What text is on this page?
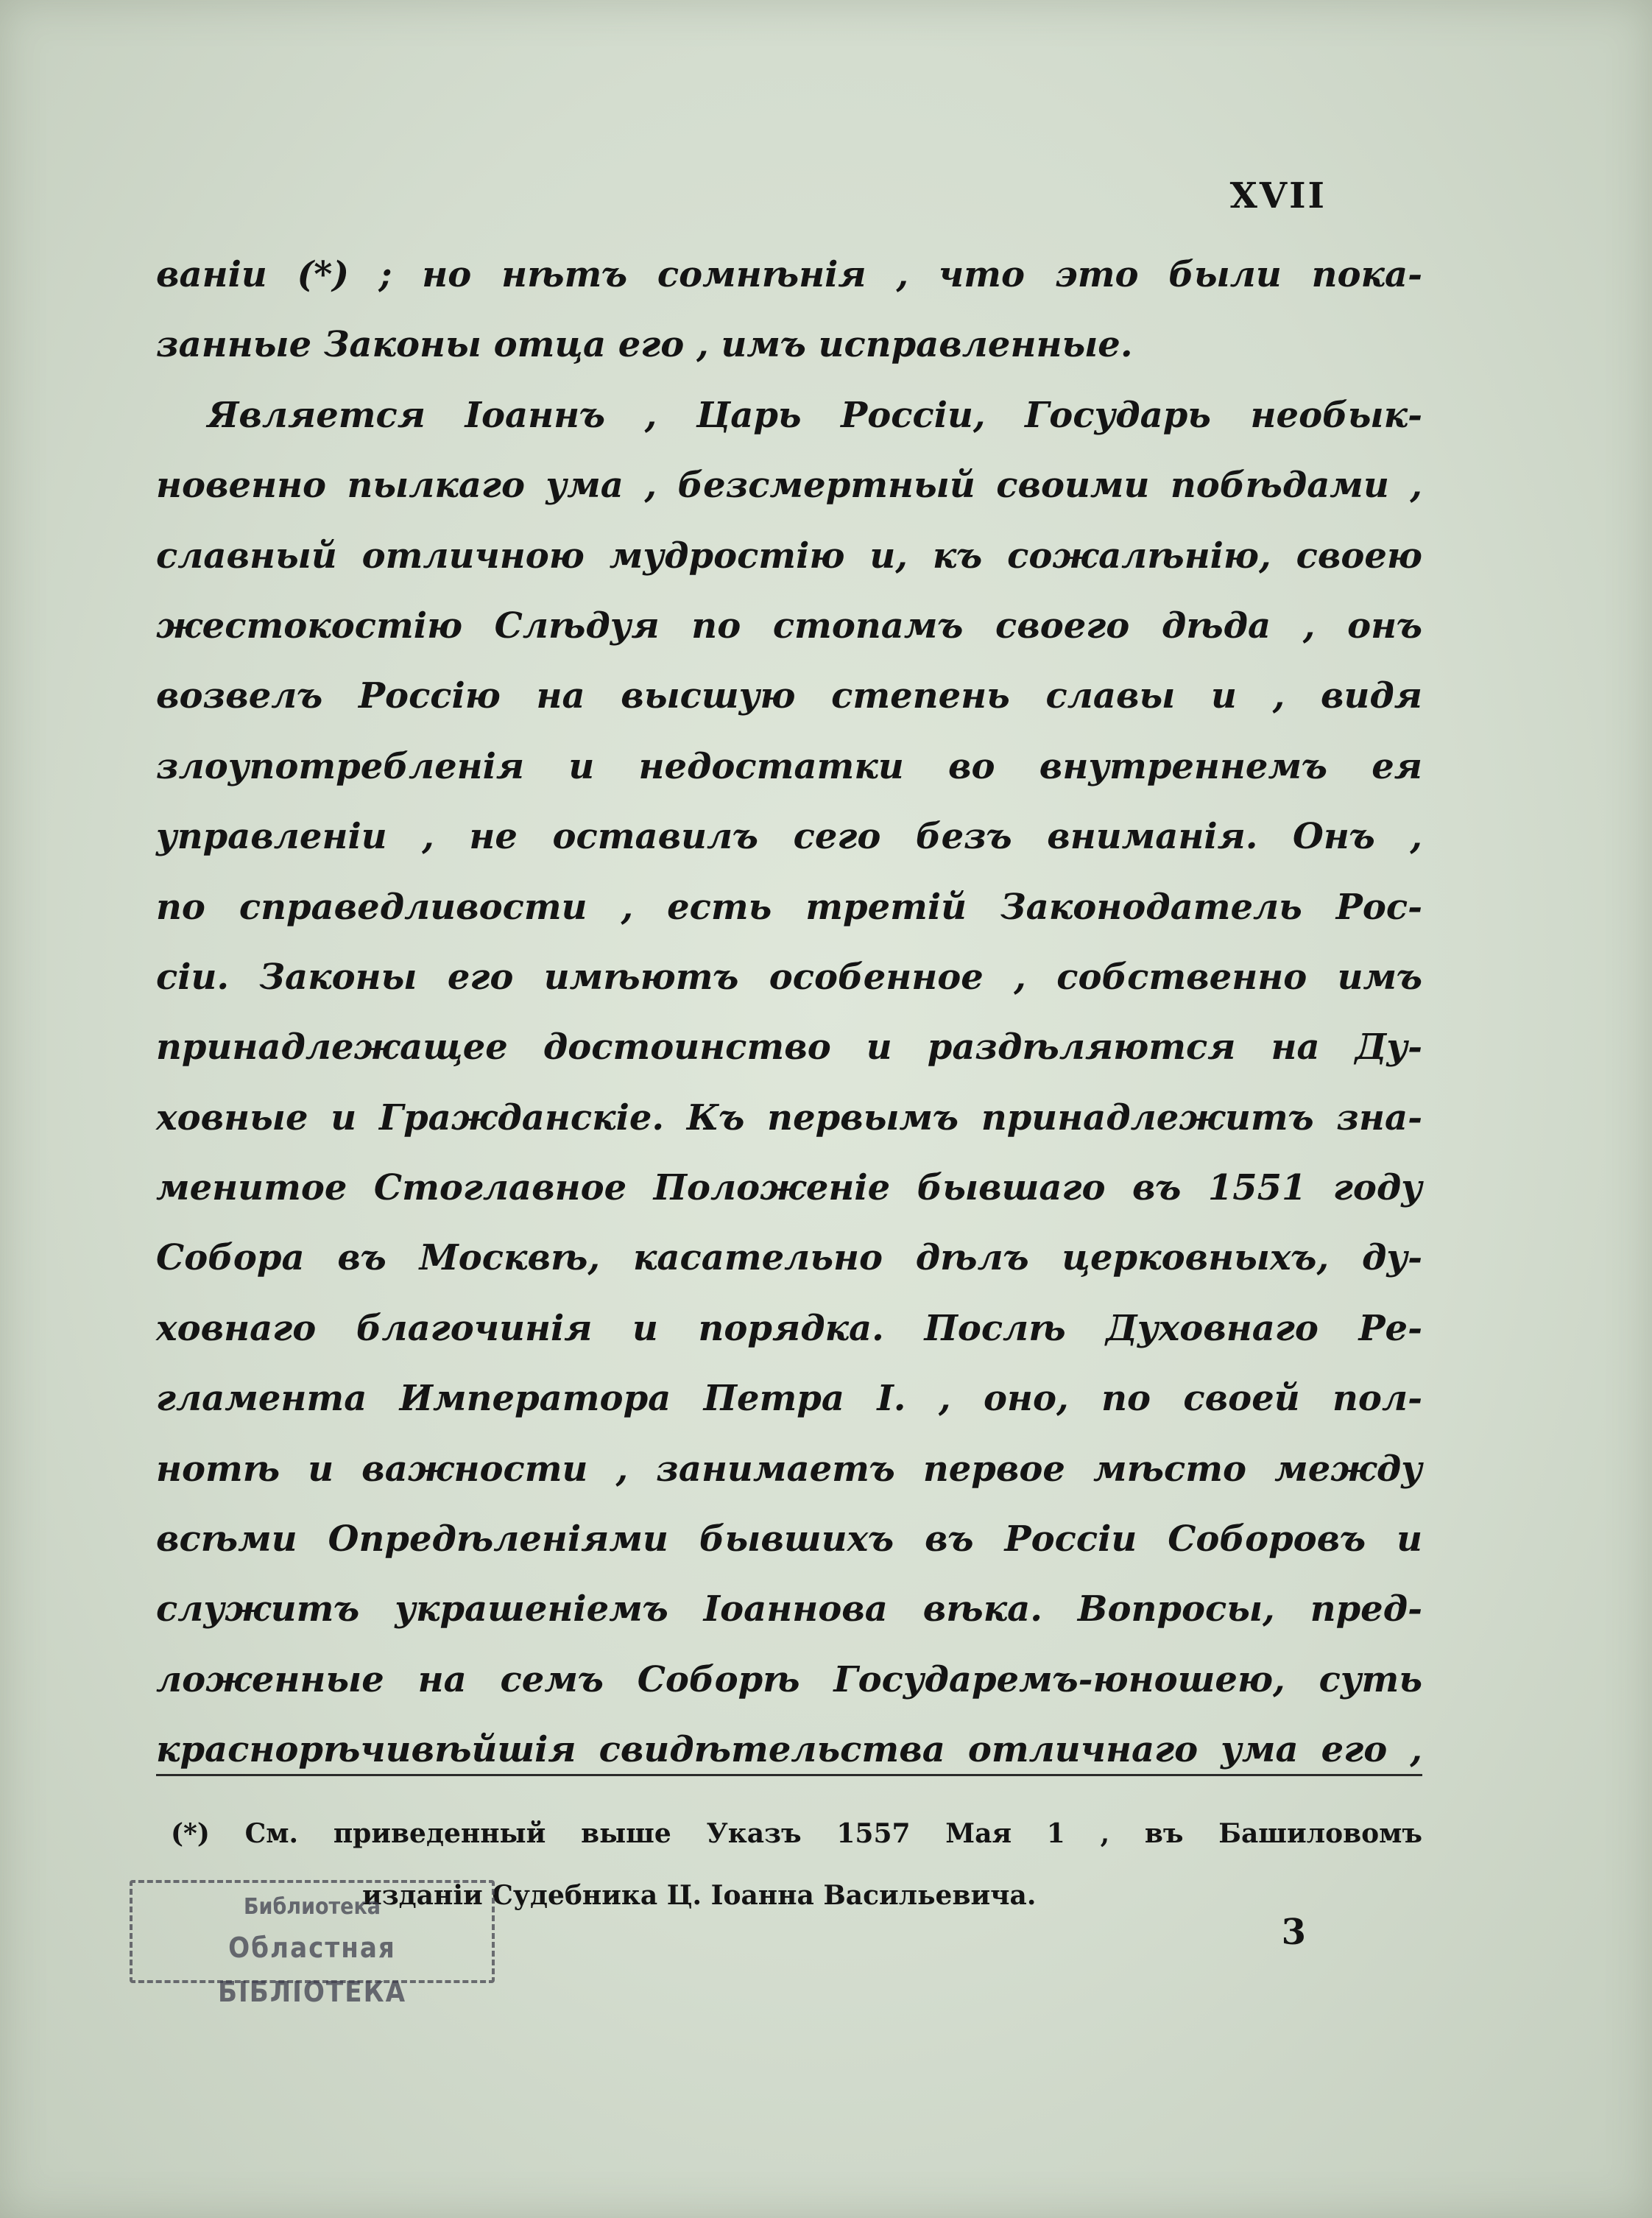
XVII
ваніи (*) ; но нѣтъ сомнѣнія , что это были пока-
занные Законы отца его , имъ исправленные.
Является Іоаннъ , Царь Россіи, Государь необык-
новенно пылкаго ума , безсмертный своими побѣдами ,
славный отличною мудростію и, къ сожалѣнію, своею
жестокостію Слѣдуя по стопамъ своего дѣда , онъ
возвелъ Россію на высшую степень славы и , видя
злоупотребленія и недостатки во внутреннемъ ея
управленіи , не оставилъ сего безъ вниманія. Онъ ,
по справедливости , есть третій Законодатель Рос-
сіи. Законы его имѣютъ особенное , собственно имъ
принадлежащее достоинство и раздѣляются на Ду-
ховные и Гражданскіе. Къ первымъ принадлежитъ зна-
менитое Стоглавное Положеніе бывшаго въ 1551 году
Собора въ Москвѣ, касательно дѣлъ церковныхъ, ду-
ховнаго благочинія и порядка. Послѣ Духовнаго Ре-
гламента Императора Петра І. , оно, по своей пол-
нотѣ и важности , занимаетъ первое мѣсто между
всѣми Опредѣленіями бывшихъ въ Россіи Соборовъ и
служитъ украшеніемъ Іоаннова вѣка. Вопросы, пред-
ложенные на семъ Соборѣ Государемъ-юношею, суть
краснорѣчивѣйшія свидѣтельства отличнаго ума его ,
(*) См. приведенный выше Указъ 1557 Мая 1 , въ Башиловомъ
изданіи Судебника Ц. Іоанна Васильевича.
Библиотека
Областная БІБЛІОТЕКА
3
